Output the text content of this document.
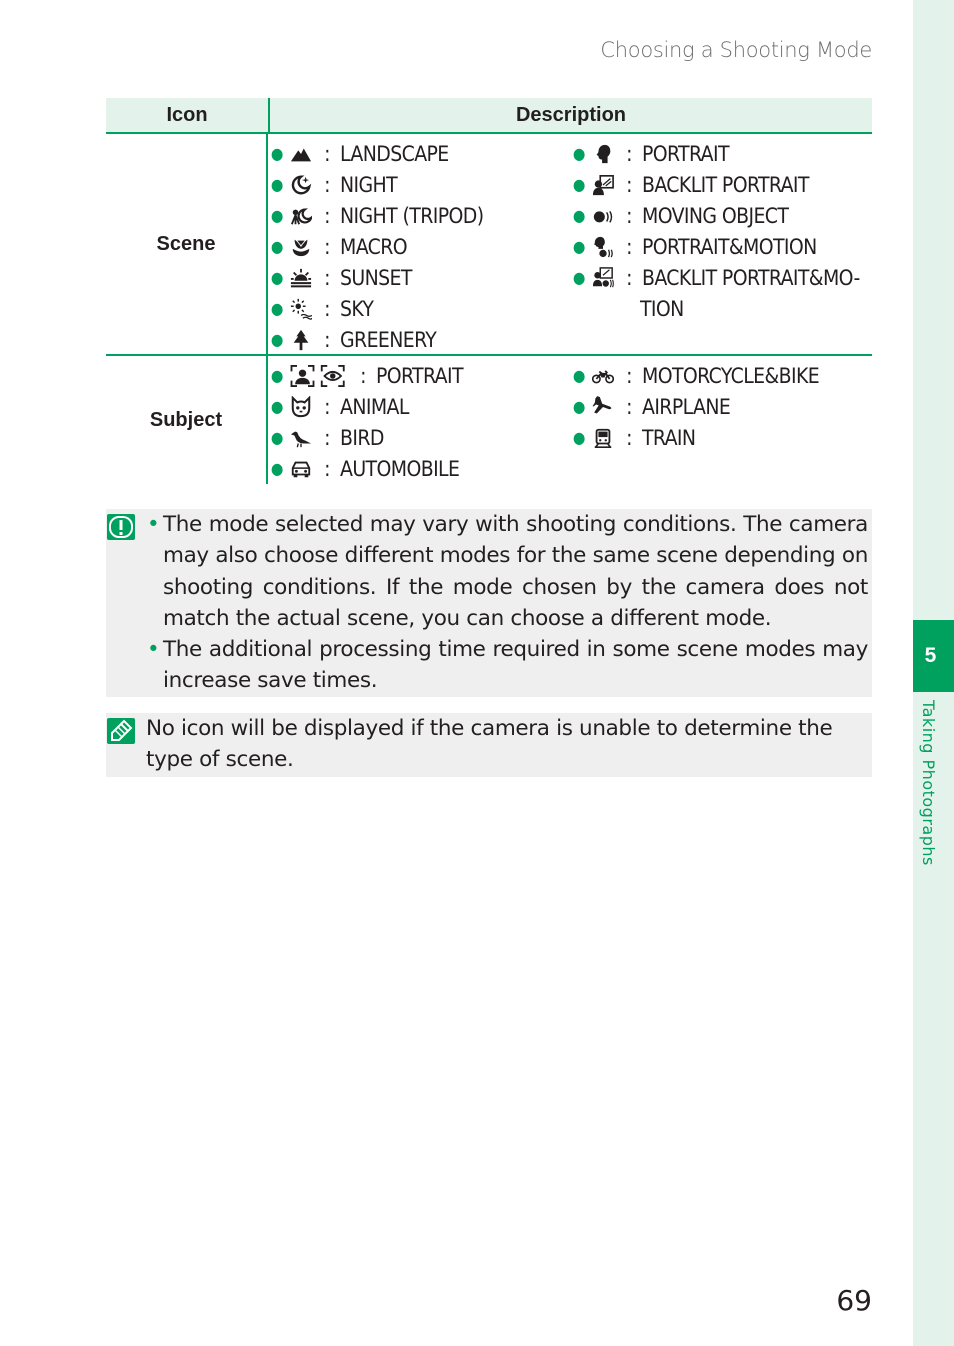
Choosing a Shooting Mode
5
Taking Photographs
Icon	Description
Scene
● : LANDSCAPE
● : NIGHT
● : NIGHT (TRIPOD)
● : MACRO
● : SUNSET
● : SKY
● : GREENERY
● : PORTRAIT
● : BACKLIT PORTRAIT
● : MOVING OBJECT
● : PORTRAIT&MOTION
● : BACKLIT PORTRAIT&MO-
TION
Subject
●	: PORTRAIT
● : ANIMAL
● : BIRD
● : AUTOMOBILE
● : MOTORCYCLE&BIKE
● : AIRPLANE
● : TRAIN
• The mode selected may vary with shooting conditions. The camera may also choose different modes for the same scene depending on shooting conditions. If the mode chosen by the camera does not match the actual scene, you can choose a different mode.
• The additional processing time required in some scene modes may increase save times.

No icon will be displayed if the camera is unable to determine the type of scene.

69
